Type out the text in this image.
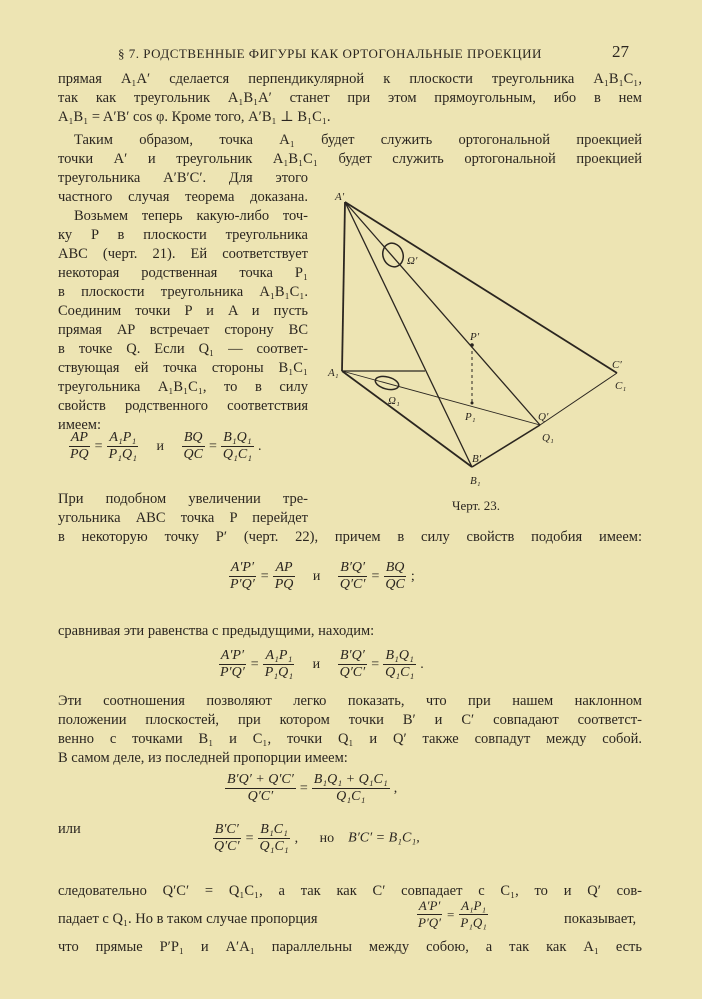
§ 7. РОДСТВЕННЫЕ ФИГУРЫ КАК ОРТОГОНАЛЬНЫЕ ПРОЕКЦИИ	27
прямая A₁A′ сделается перпендикулярной к плоскости треугольника A₁B₁C₁,
так как треугольник A₁B₁A′ станет при этом прямоугольным, ибо в нем
A₁B₁ = A′B′ cos φ. Кроме того, A′B₁ ⊥ B₁C₁.
Таким образом, точка A₁ будет служить ортогональной проекцией
точки A′ и треугольник A₁B₁C₁ будет служить ортогональной проекцией
треугольника A′B′C′. Для этого
частного случая теорема доказана.
Возьмем теперь какую-либо точ-
ку P в плоскости треугольника
ABC (черт. 21). Ей соответствует
некоторая родственная точка P₁
в плоскости треугольника A₁B₁C₁.
Соединим точки P и A и пусть
прямая AP встречает сторону BC
в точке Q. Если Q₁ — соответ-
ствующая ей точка стороны B₁C₁
треугольника A₁B₁C₁, то в силу
свойств родственного соответствия
имеем:
$\frac{AP}{PQ} = \frac{\text{A₁P₁}}{\text{P₁Q₁}}$ и $\frac{BQ}{QC} = \frac{\text{B₁Q₁}}{\text{Q₁C₁}}$ .
A′
A₁
Ω′
Ω₁
P′
P₁
C′
C₁
Q′
Q₁
B′
B₁
Черт. 23.
При подобном увеличении тре-
угольника ABC точка P перейдет
в некоторую точку P′ (черт. 22), причем в силу свойств подобия имеем:
$\frac{A'P'}{P'Q'} = \frac{AP}{PQ}$ и $\frac{B'Q'}{Q'C'} = \frac{BQ}{QC}$ ;
сравнивая эти равенства с предыдущими, находим:
$\frac{A'P'}{P'Q'} = \frac{\text{A₁P₁}}{\text{P₁Q₁}}$ и $\frac{B'Q'}{Q'C'} = \frac{\text{B₁Q₁}}{\text{Q₁C₁}}$ .
Эти соотношения позволяют легко показать, что при нашем наклонном
положении плоскостей, при котором точки B′ и C′ совпадают соответст-
венно с точками B₁ и C₁, точки Q₁ и Q′ также совпадут между собой.
В самом деле, из последней пропорции имеем:
$\frac{B'Q' + Q'C'}{Q'C'} = \frac{\text{B₁Q₁ + Q₁C₁}}{\text{Q₁C₁}}$ ,
или	$\frac{B'C'}{Q'C'} = \frac{\text{B₁C₁}}{\text{Q₁C₁}}$ , но B′C′ = B₁C₁,
следовательно Q′C′ = Q₁C₁, а так как C′ совпадает с C₁, то и Q′ сов-
падает с Q₁. Но в таком случае пропорция	$\frac{A'P'}{P'Q'} = \frac{\text{A₁P₁}}{\text{P₁Q₁}}$	показывает,
что прямые P′P₁ и A′A₁ параллельны между собою, а так как A₁ есть
